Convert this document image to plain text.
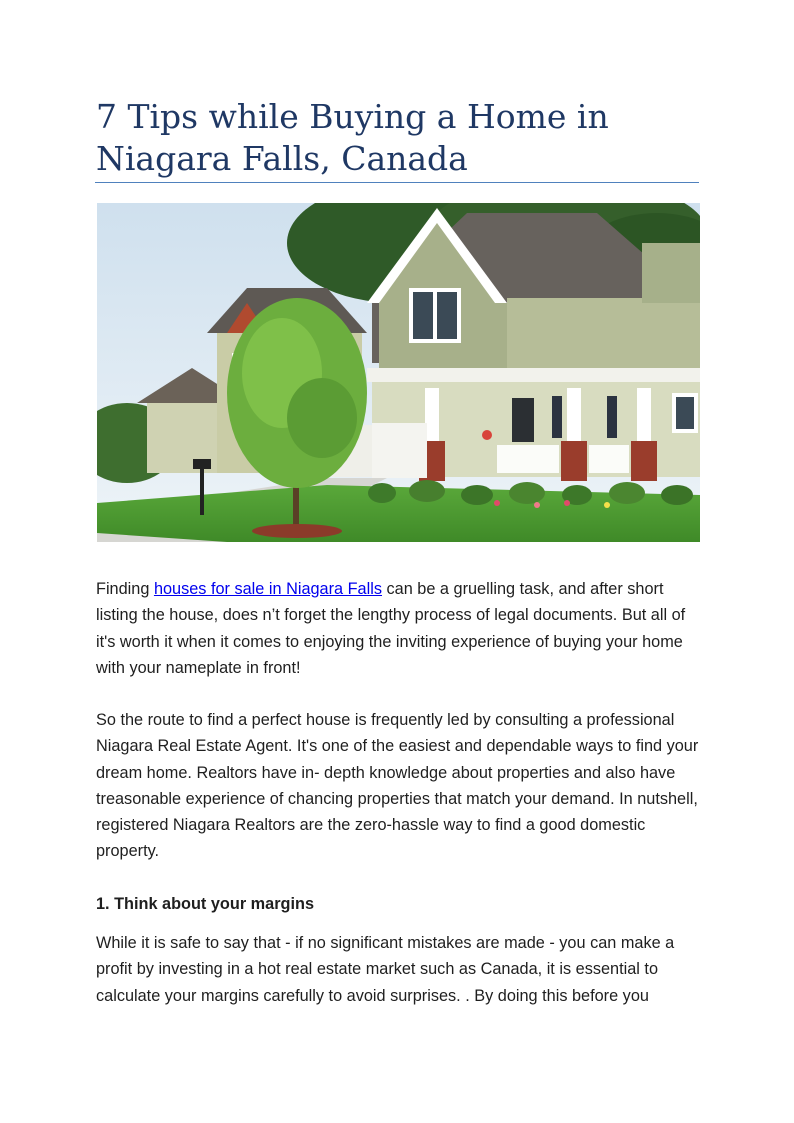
7 Tips while Buying a Home in Niagara Falls, Canada

Finding houses for sale in Niagara Falls can be a gruelling task, and after short listing the house, does n’t forget the lengthy process of legal documents. But all of it's worth it when it comes to enjoying the inviting experience of buying your home with your nameplate in front!

So the route to find a perfect house is frequently led by consulting a professional Niagara Real Estate Agent. It's one of the easiest and dependable ways to find your dream home. Realtors have in- depth knowledge about properties and also have treasonable experience of chancing properties that match your demand. In nutshell, registered Niagara Realtors are the zero-hassle way to find a good domestic property.

1. Think about your margins

While it is safe to say that - if no significant mistakes are made - you can make a profit by investing in a hot real estate market such as Canada, it is essential to calculate your margins carefully to avoid surprises. . By doing this before you
